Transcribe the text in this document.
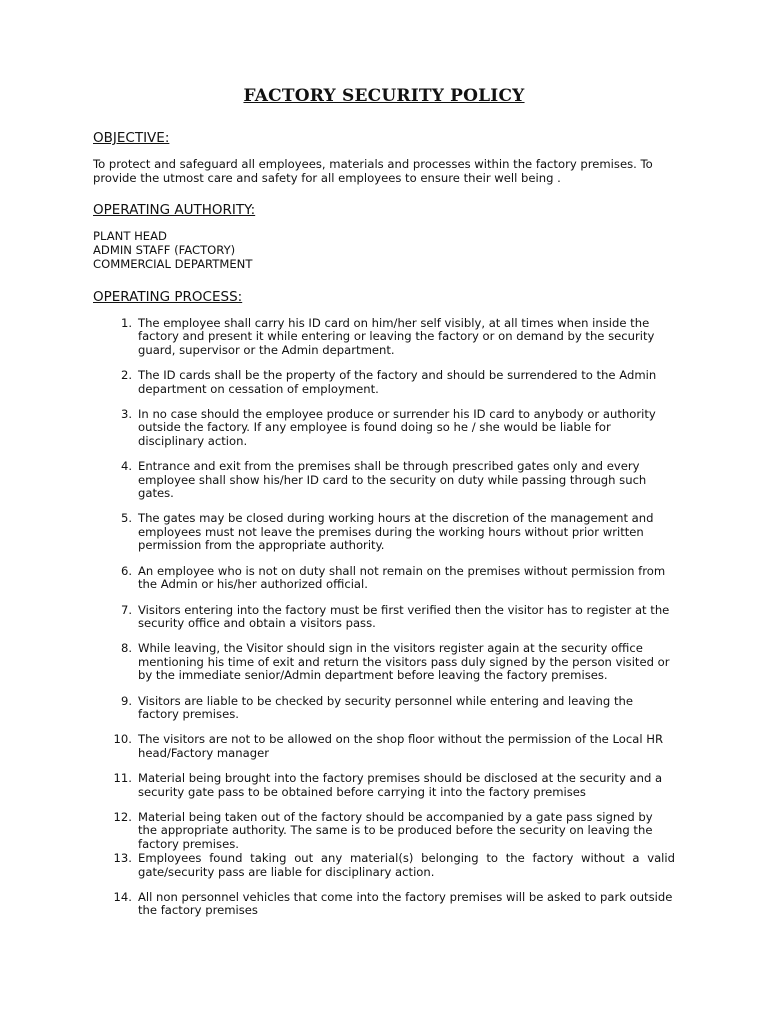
FACTORY SECURITY POLICY
OBJECTIVE:

To protect and safeguard all employees, materials and processes within the factory premises. To provide the utmost care and safety for all employees to ensure their well being .

OPERATING AUTHORITY:
PLANT HEAD
ADMIN STAFF (FACTORY)
COMMERCIAL DEPARTMENT
OPERATING PROCESS:
1. The employee shall carry his ID card on him/her self visibly, at all times when inside the factory and present it while entering or leaving the factory or on demand by the security guard, supervisor or the Admin department.
2. The ID cards shall be the property of the factory and should be surrendered to the Admin department on cessation of employment.
3. In no case should the employee produce or surrender his ID card to anybody or authority outside the factory. If any employee is found doing so he / she would be liable for disciplinary action.
4. Entrance and exit from the premises shall be through prescribed gates only and every employee shall show his/her ID card to the security on duty while passing through such gates.
5. The gates may be closed during working hours at the discretion of the management and employees must not leave the premises during the working hours without prior written permission from the appropriate authority.
6. An employee who is not on duty shall not remain on the premises without permission from the Admin or his/her authorized official.
7. Visitors entering into the factory must be first verified then the visitor has to register at the security office and obtain a visitors pass.
8. While leaving, the Visitor should sign in the visitors register again at the security office mentioning his time of exit and return the visitors pass duly signed by the person visited or by the immediate senior/Admin department before leaving the factory premises.
9. Visitors are liable to be checked by security personnel while entering and leaving the factory premises.
10. The visitors are not to be allowed on the shop floor without the permission of the Local HR head/Factory manager
11. Material being brought into the factory premises should be disclosed at the security and a security gate pass to be obtained before carrying it into the factory premises
12. Material being taken out of the factory should be accompanied by a gate pass signed by the appropriate authority. The same is to be produced before the security on leaving the factory premises.
13. Employees found taking out any material(s) belonging to the factory without a valid gate/security pass are liable for disciplinary action.
14. All non personnel vehicles that come into the factory premises will be asked to park outside the factory premises
